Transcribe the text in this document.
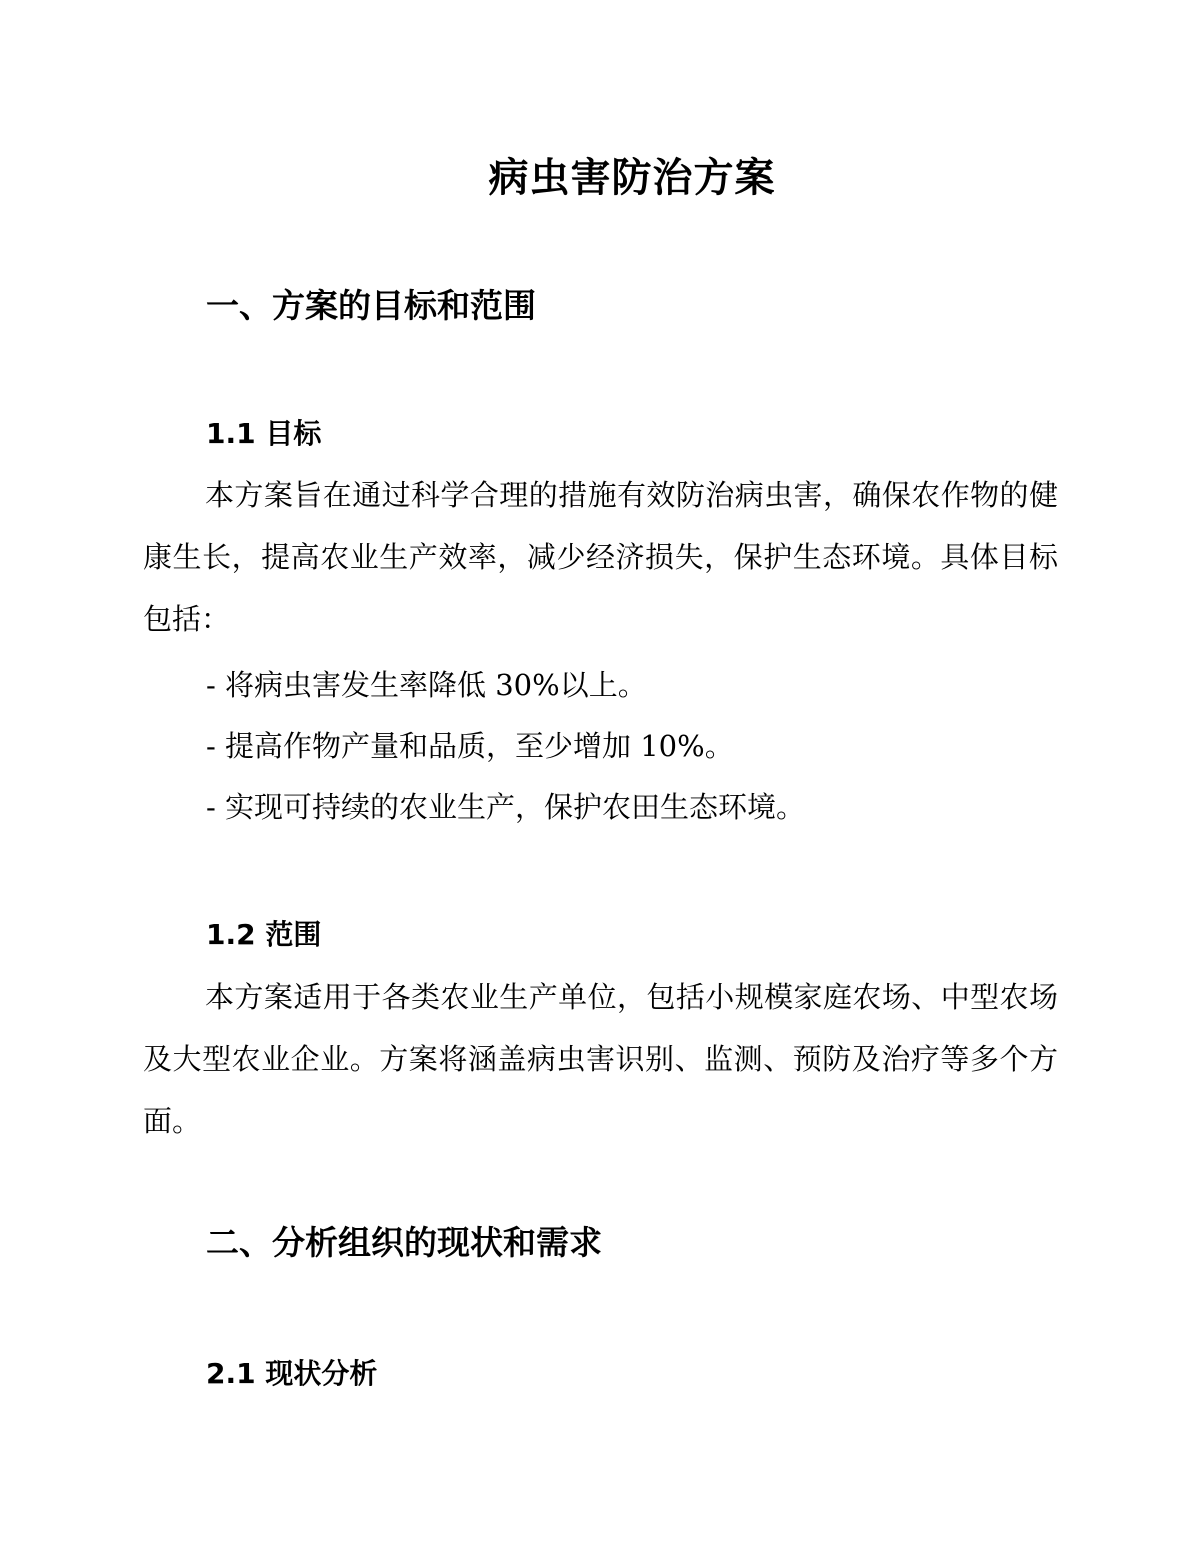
病虫害防治方案
一、方案的目标和范围
1.1 目标

本方案旨在通过科学合理的措施有效防治病虫害，确保农作物的健康生长，提高农业生产效率，减少经济损失，保护生态环境。具体目标包括：

- 将病虫害发生率降低 30%以上。
- 提高作物产量和品质，至少增加 10%。
- 实现可持续的农业生产，保护农田生态环境。
1.2 范围

本方案适用于各类农业生产单位，包括小规模家庭农场、中型农场及大型农业企业。方案将涵盖病虫害识别、监测、预防及治疗等多个方面。

二、分析组织的现状和需求
2.1 现状分析
